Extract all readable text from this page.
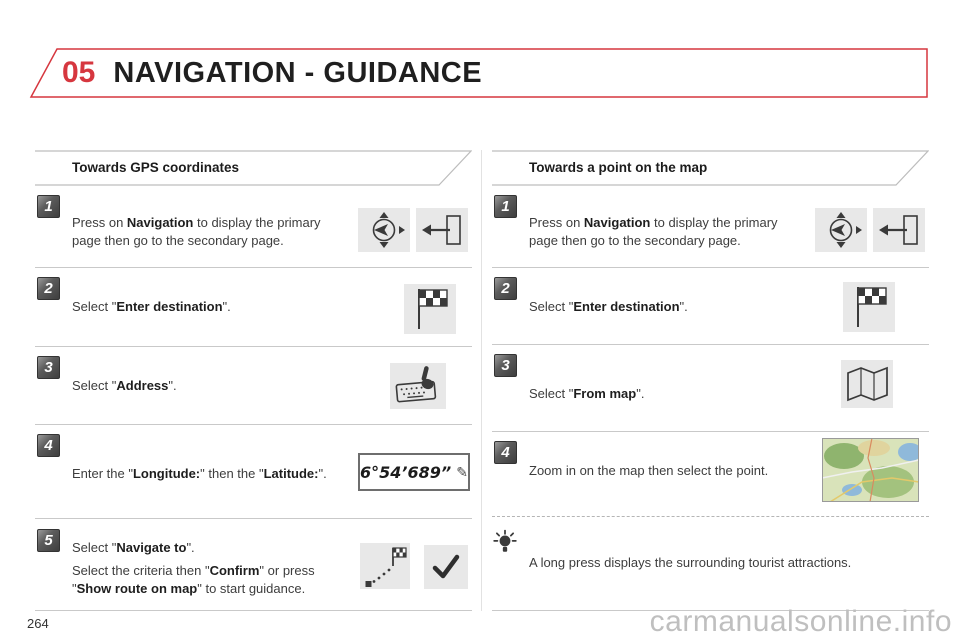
05 NAVIGATION - GUIDANCE
Towards GPS coordinates
1
Press on Navigation to display the primary page then go to the secondary page.
2
Select "Enter destination".
3
Select "Address".
4
Enter the "Longitude:" then the "Latitude:".	6°54’689” ✎
5	Select "Navigate to".

Select the criteria then "Confirm" or press "Show route on map" to start guidance.

Towards a point on the map
1
Press on Navigation to display the primary page then go to the secondary page.
2
Select "Enter destination".
3
Select "From map".
4
Zoom in on the map then select the point.
A long press displays the surrounding tourist attractions.
264	carmanualsonline.info
